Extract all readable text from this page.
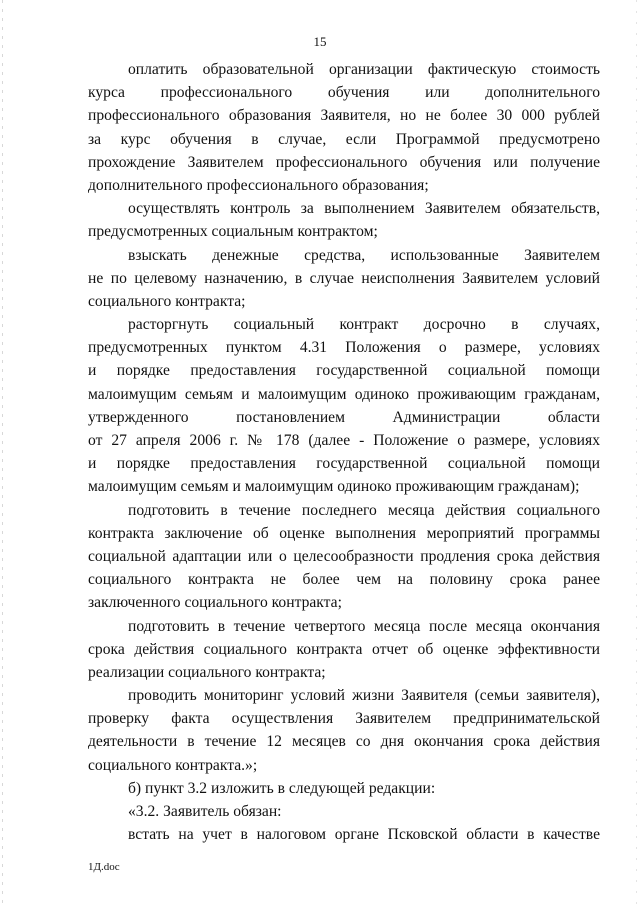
15
оплатить образовательной организации фактическую стоимость
курса профессионального обучения или дополнительного
профессионального образования Заявителя, но не более 30 000 рублей
за курс обучения в случае, если Программой предусмотрено
прохождение Заявителем профессионального обучения или получение
дополнительного профессионального образования;
осуществлять контроль за выполнением Заявителем обязательств,
предусмотренных социальным контрактом;
взыскать денежные средства, использованные Заявителем
не по целевому назначению, в случае неисполнения Заявителем условий
социального контракта;
расторгнуть социальный контракт досрочно в случаях,
предусмотренных пунктом 4.31 Положения о размере, условиях
и порядке предоставления государственной социальной помощи
малоимущим семьям и малоимущим одиноко проживающим гражданам,
утвержденного постановлением Администрации области
от 27 апреля 2006 г. № 178 (далее - Положение о размере, условиях
и порядке предоставления государственной социальной помощи
малоимущим семьям и малоимущим одиноко проживающим гражданам);
подготовить в течение последнего месяца действия социального
контракта заключение об оценке выполнения мероприятий программы
социальной адаптации или о целесообразности продления срока действия
социального контракта не более чем на половину срока ранее
заключенного социального контракта;
подготовить в течение четвертого месяца после месяца окончания
срока действия социального контракта отчет об оценке эффективности
реализации социального контракта;
проводить мониторинг условий жизни Заявителя (семьи заявителя),
проверку факта осуществления Заявителем предпринимательской
деятельности в течение 12 месяцев со дня окончания срока действия
социального контракта.»;
б) пункт 3.2 изложить в следующей редакции:
«3.2. Заявитель обязан:
встать на учет в налоговом органе Псковской области в качестве
1Д.doc
